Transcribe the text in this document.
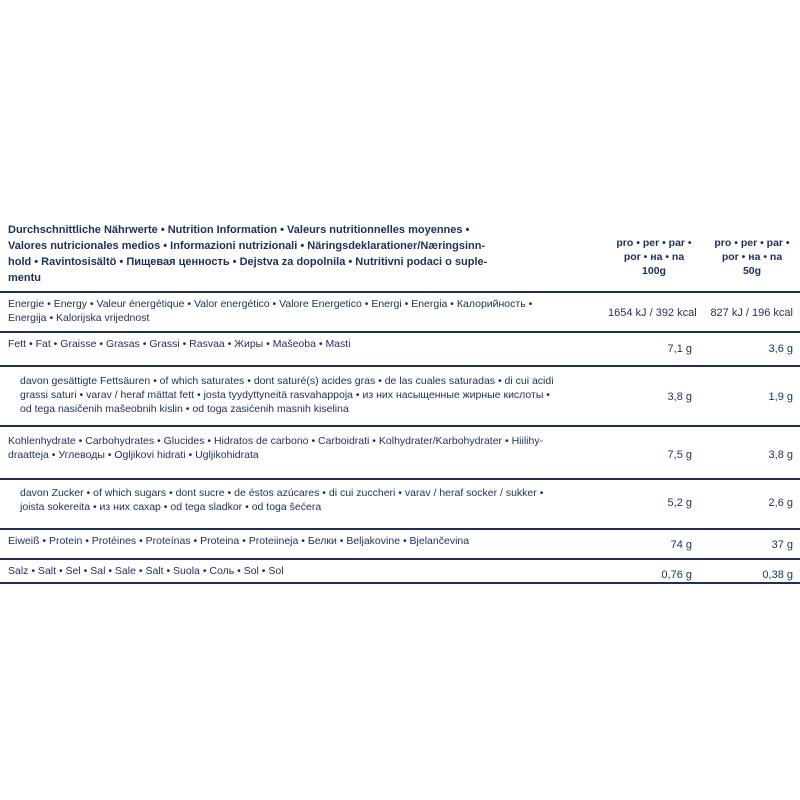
Durchschnittliche Nährwerte • Nutrition Information • Valeurs nutritionnelles moyennes •
Valores nutricionales medios • Informazioni nutrizionali • Näringsdeklarationer/Næringsinn-
hold • Ravintosisältö • Пищевая ценность • Dejstva za dopolnila • Nutritivni podaci o suple-
mentu
pro • per • par •
por • на • na
100g
pro • per • par •
por • на • na
50g
Energie • Energy • Valeur énergétique • Valor energético • Valore Energetico • Energi • Energia • Калорийность •
Energija • Kalorijska vrijednost	1654 kJ / 392 kcal	827 kJ / 196 kcal
Fett • Fat • Graisse • Grasas • Grassi • Rasvaa • Жиры • Mašeoba • Masti	7,1 g	3,6 g
davon gesättigte Fettsäuren • of which saturates • dont saturé(s) acides gras • de las cuales saturadas • di cui acidi
grassi saturi • varav / heraf mättat fett • josta tyydyttyneitä rasvahappoja • из них насыщенные жирные кислоты •
od tega nasičenih mašeobnih kislin • od toga zasićenih masnih kiselina
3,8 g	1,9 g
Kohlenhydrate • Carbohydrates • Glucides • Hidratos de carbono • Carboidrati • Kolhydrater/Karbohydrater • Hiilihy-
draatteja • Углеводы • Ogljikovi hidrati • Ugljikohidrata	7,5 g	3,8 g
davon Zucker • of which sugars • dont sucre • de éstos azúcares • di cui zuccheri • varav / heraf socker / sukker •
joista sokereita • из них сахар • od tega sladkor • od toga šećera	5,2 g	2,6 g
Eiweiß • Protein • Protéines • Proteínas • Proteina • Proteiineja • Белки • Beljakovine • Bjelančevina	74 g	37 g
Salz • Salt • Sel • Sal • Sale • Salt • Suola • Соль • Sol • Sol	0,76 g	0,38 g
